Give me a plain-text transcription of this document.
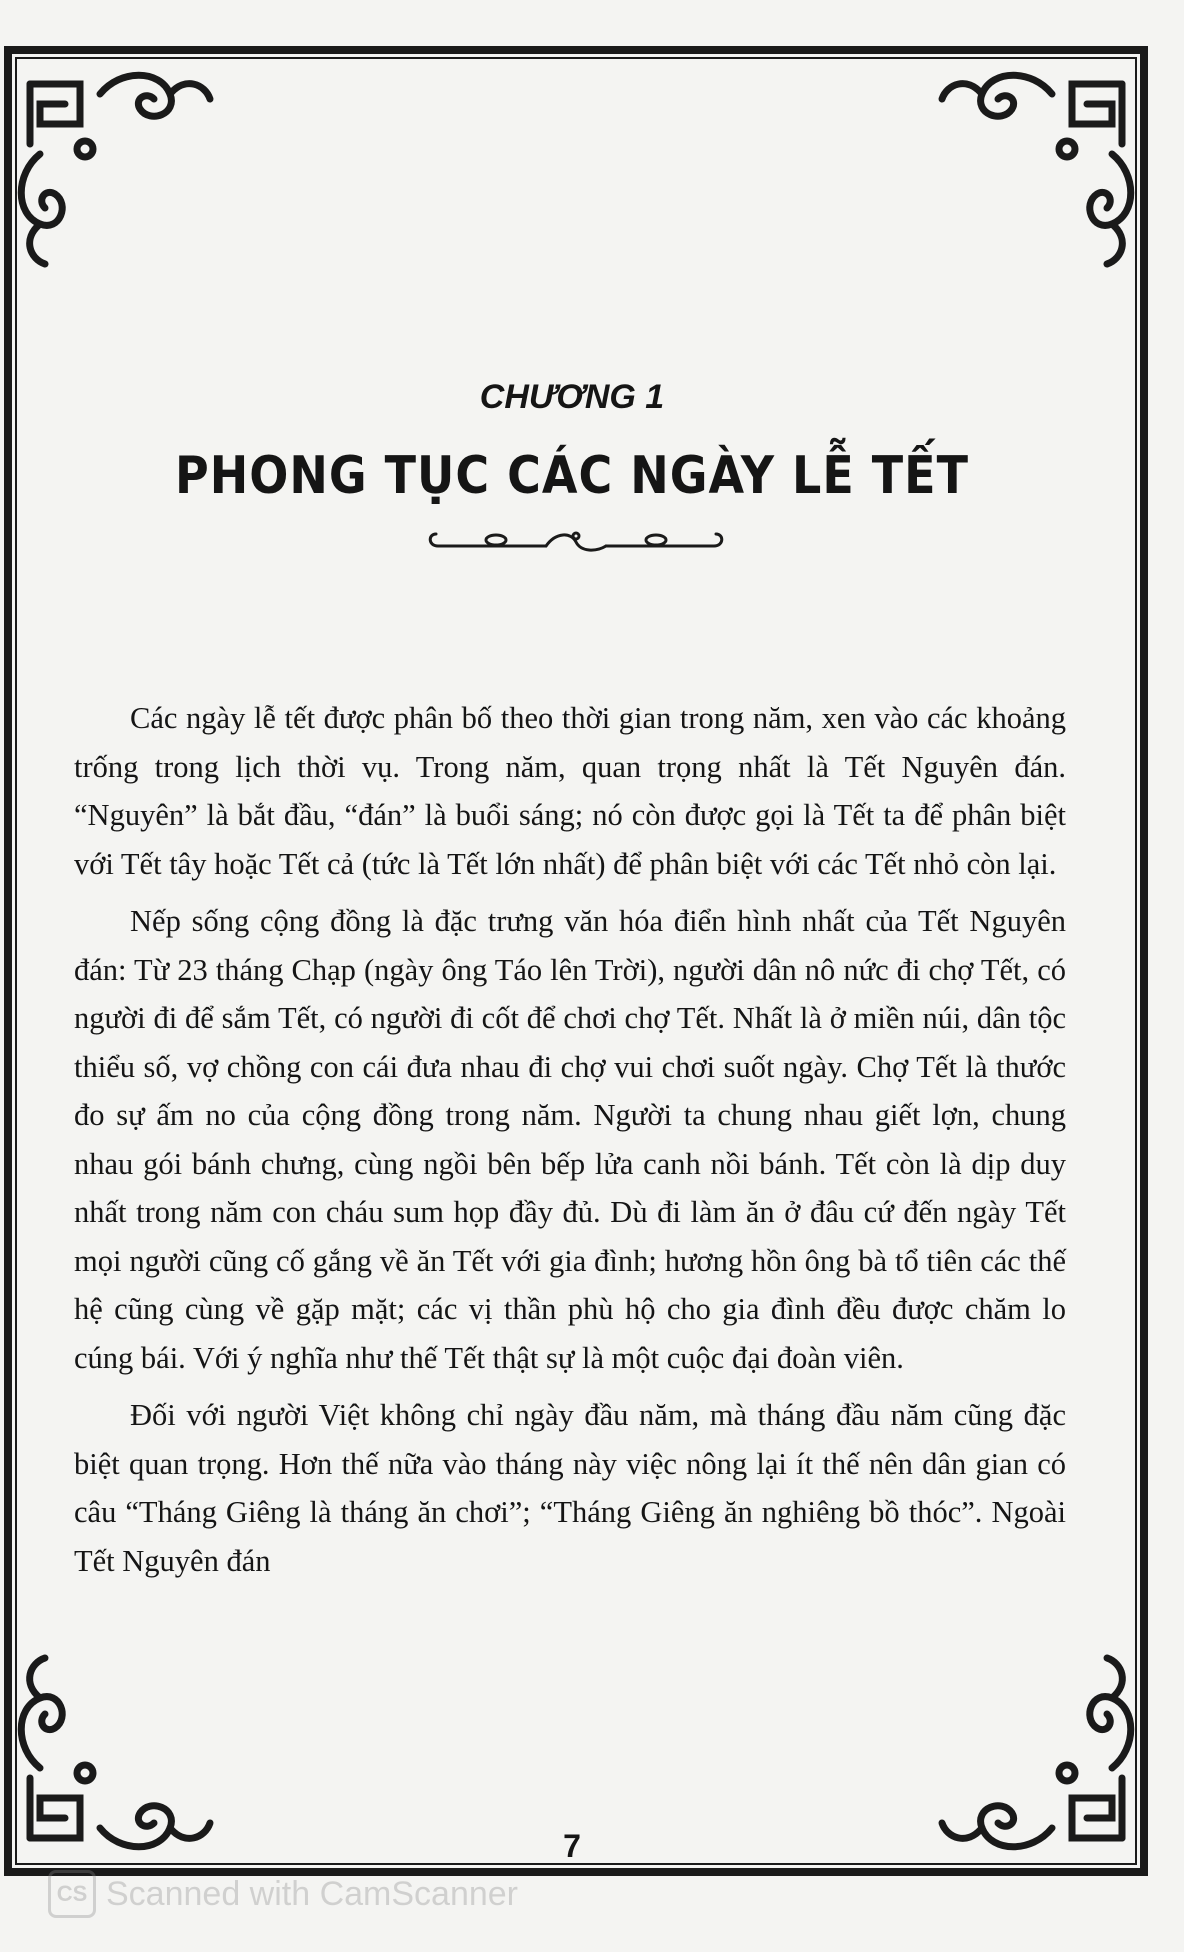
CHƯƠNG 1
PHONG TỤC CÁC NGÀY LỄ TẾT

Các ngày lễ tết được phân bố theo thời gian trong năm, xen vào các khoảng trống trong lịch thời vụ. Trong năm, quan trọng nhất là Tết Nguyên đán. “Nguyên” là bắt đầu, “đán” là buổi sáng; nó còn được gọi là Tết ta để phân biệt với Tết tây hoặc Tết cả (tức là Tết lớn nhất) để phân biệt với các Tết nhỏ còn lại.

Nếp sống cộng đồng là đặc trưng văn hóa điển hình nhất của Tết Nguyên đán: Từ 23 tháng Chạp (ngày ông Táo lên Trời), người dân nô nức đi chợ Tết, có người đi để sắm Tết, có người đi cốt để chơi chợ Tết. Nhất là ở miền núi, dân tộc thiểu số, vợ chồng con cái đưa nhau đi chợ vui chơi suốt ngày. Chợ Tết là thước đo sự ấm no của cộng đồng trong năm. Người ta chung nhau giết lợn, chung nhau gói bánh chưng, cùng ngồi bên bếp lửa canh nồi bánh. Tết còn là dịp duy nhất trong năm con cháu sum họp đầy đủ. Dù đi làm ăn ở đâu cứ đến ngày Tết mọi người cũng cố gắng về ăn Tết với gia đình; hương hồn ông bà tổ tiên các thế hệ cũng cùng về gặp mặt; các vị thần phù hộ cho gia đình đều được chăm lo cúng bái. Với ý nghĩa như thế Tết thật sự là một cuộc đại đoàn viên.

Đối với người Việt không chỉ ngày đầu năm, mà tháng đầu năm cũng đặc biệt quan trọng. Hơn thế nữa vào tháng này việc nông lại ít thế nên dân gian có câu “Tháng Giêng là tháng ăn chơi”; “Tháng Giêng ăn nghiêng bồ thóc”. Ngoài Tết Nguyên đán

7
CS Scanned with CamScanner
